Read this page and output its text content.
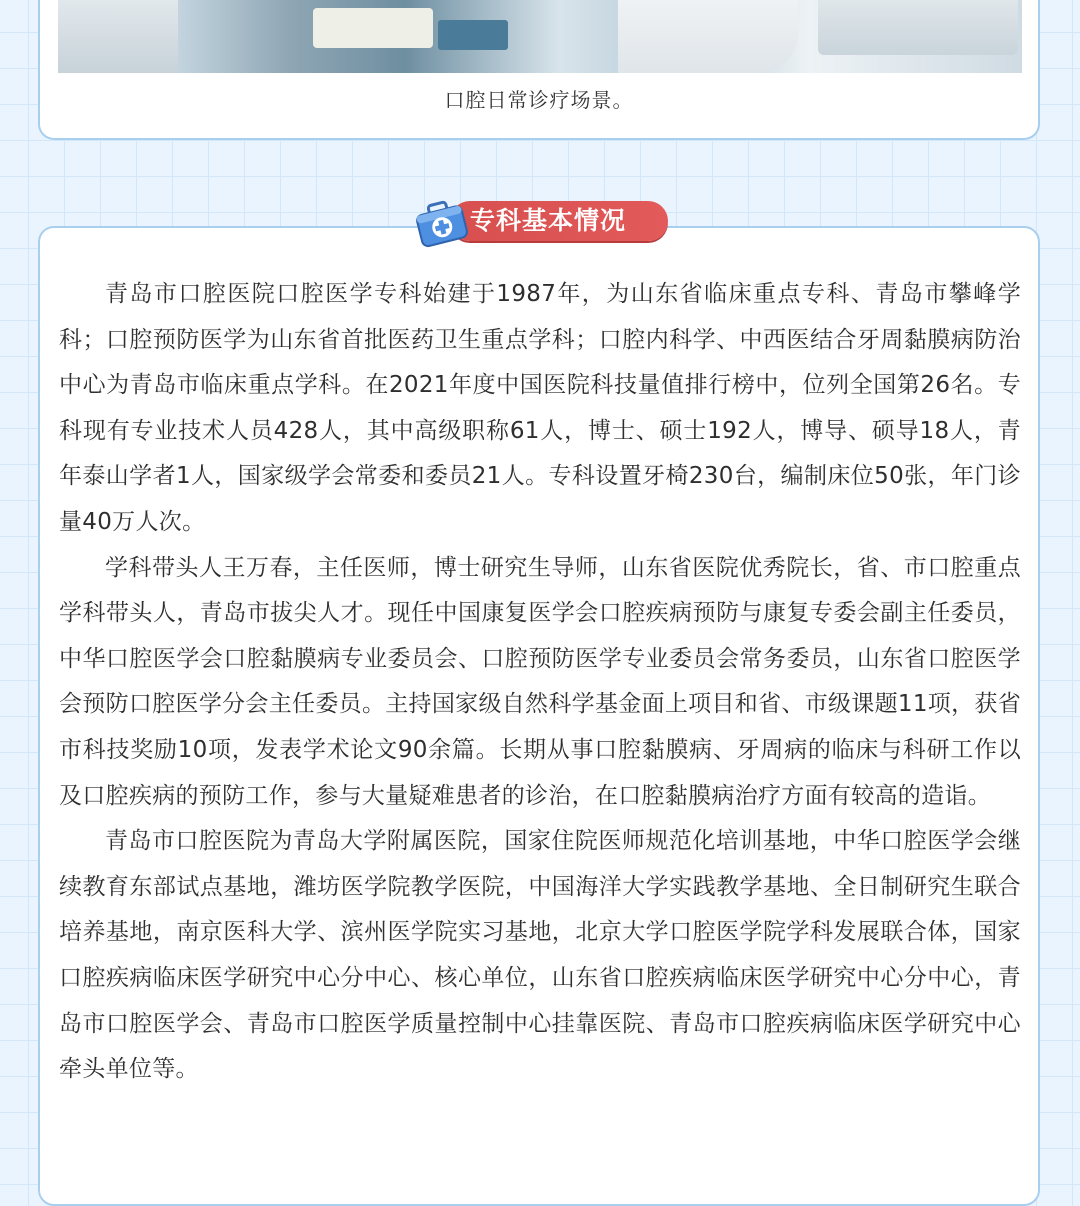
口腔日常诊疗场景。
专科基本情况

青岛市口腔医院口腔医学专科始建于1987年，为山东省临床重点专科、青岛市攀峰学科；口腔预防医学为山东省首批医药卫生重点学科；口腔内科学、中西医结合牙周黏膜病防治中心为青岛市临床重点学科。在2021年度中国医院科技量值排行榜中，位列全国第26名。专科现有专业技术人员428人，其中高级职称61人，博士、硕士192人，博导、硕导18人，青年泰山学者1人，国家级学会常委和委员21人。专科设置牙椅230台，编制床位50张，年门诊量40万人次。

学科带头人王万春，主任医师，博士研究生导师，山东省医院优秀院长，省、市口腔重点学科带头人，青岛市拔尖人才。现任中国康复医学会口腔疾病预防与康复专委会副主任委员，中华口腔医学会口腔黏膜病专业委员会、口腔预防医学专业委员会常务委员，山东省口腔医学会预防口腔医学分会主任委员。主持国家级自然科学基金面上项目和省、市级课题11项，获省市科技奖励10项，发表学术论文90余篇。长期从事口腔黏膜病、牙周病的临床与科研工作以及口腔疾病的预防工作，参与大量疑难患者的诊治，在口腔黏膜病治疗方面有较高的造诣。

青岛市口腔医院为青岛大学附属医院，国家住院医师规范化培训基地，中华口腔医学会继续教育东部试点基地，潍坊医学院教学医院，中国海洋大学实践教学基地、全日制研究生联合培养基地，南京医科大学、滨州医学院实习基地，北京大学口腔医学院学科发展联合体，国家口腔疾病临床医学研究中心分中心、核心单位，山东省口腔疾病临床医学研究中心分中心，青岛市口腔医学会、青岛市口腔医学质量控制中心挂靠医院、青岛市口腔疾病临床医学研究中心牵头单位等。
